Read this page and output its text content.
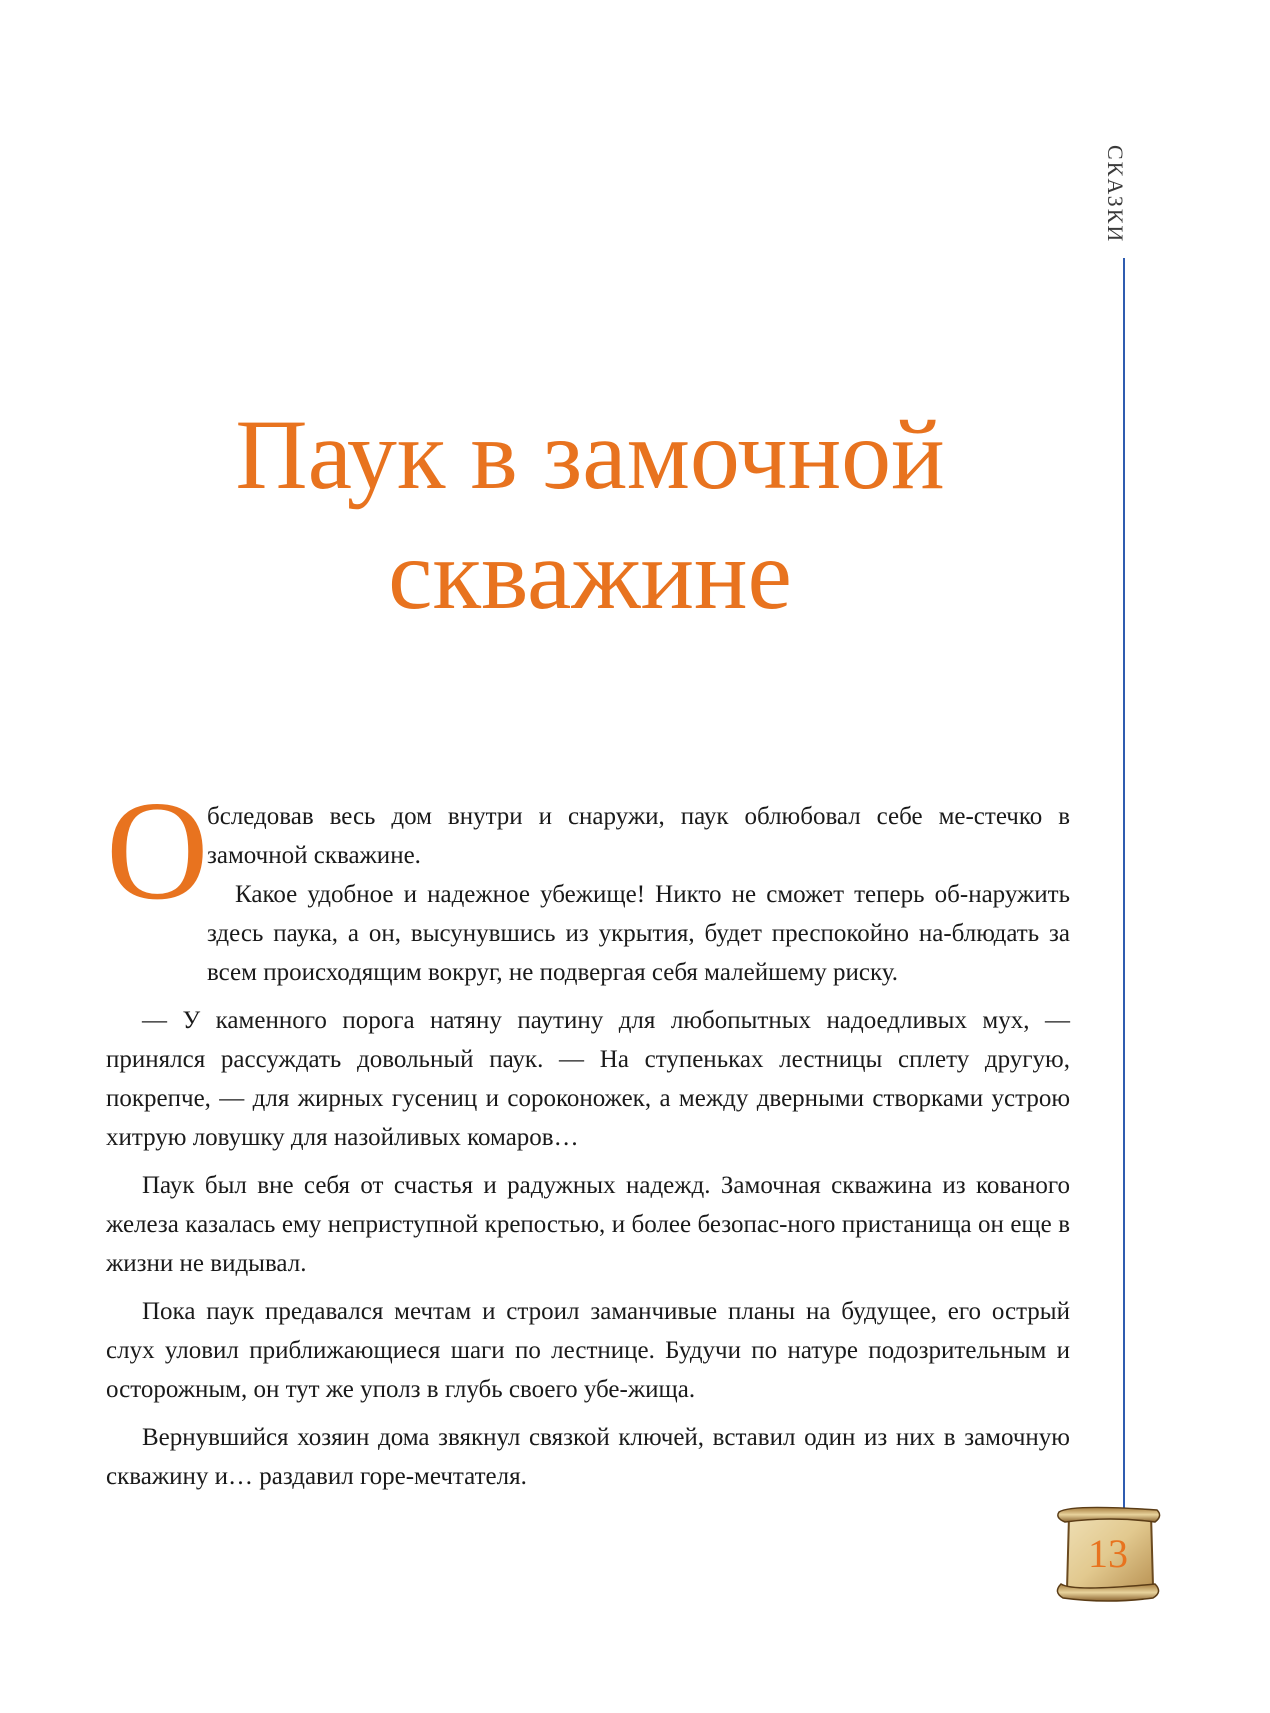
СКАЗКИ
Паук в замочной
скважине
О

бследовав весь дом внутри и снаружи, паук облюбовал себе ме-стечко в замочной скважине.

Какое удобное и надежное убежище! Никто не сможет теперь об-наружить здесь паука, а он, высунувшись из укрытия, будет преспокойно на-блюдать за всем происходящим вокруг, не подвергая себя малейшему риску.

— У каменного порога натяну паутину для любопытных надоедливых мух, — принялся рассуждать довольный паук. — На ступеньках лестницы сплету другую, покрепче, — для жирных гусениц и сороконожек, а между дверными створками устрою хитрую ловушку для назойливых комаров…

Паук был вне себя от счастья и радужных надежд. Замочная скважина из кованого железа казалась ему неприступной крепостью, и более безопас-ного пристанища он еще в жизни не видывал.

Пока паук предавался мечтам и строил заманчивые планы на будущее, его острый слух уловил приближающиеся шаги по лестнице. Будучи по натуре подозрительным и осторожным, он тут же уполз в глубь своего убе-жища.

Вернувшийся хозяин дома звякнул связкой ключей, вставил один из них в замочную скважину и… раздавил горе-мечтателя.

13
